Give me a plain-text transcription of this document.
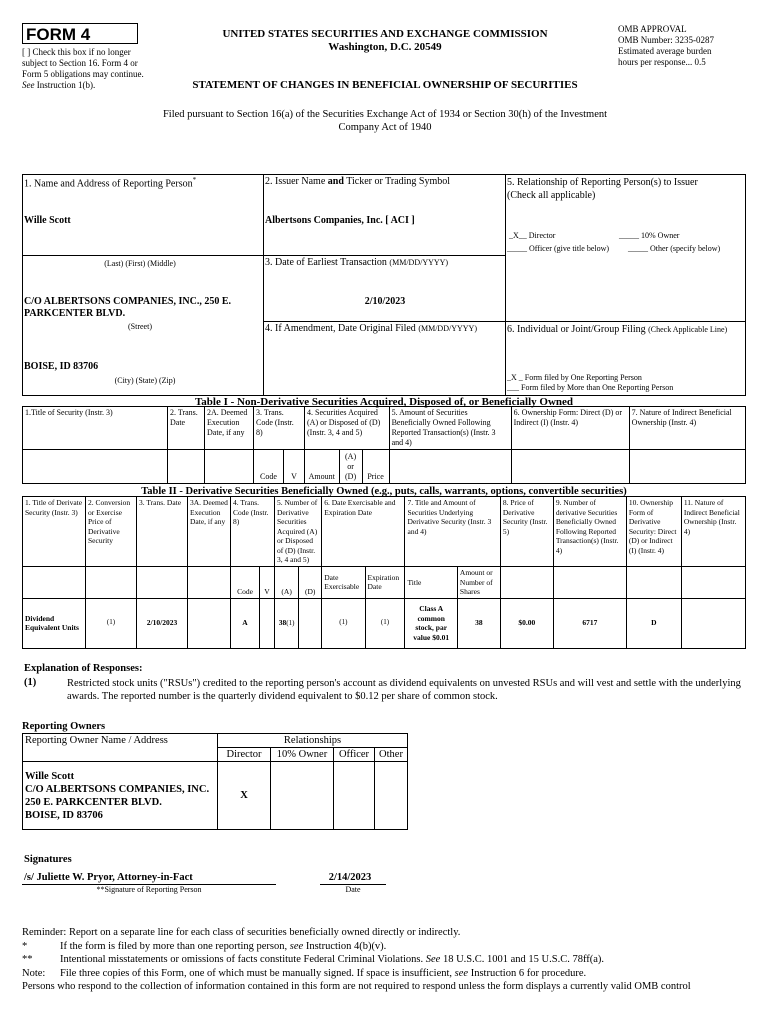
FORM 4
[ ] Check this box if no longer subject to Section 16. Form 4 or Form 5 obligations may continue. See Instruction 1(b).
UNITED STATES SECURITIES AND EXCHANGE COMMISSION
Washington, D.C. 20549
STATEMENT OF CHANGES IN BENEFICIAL OWNERSHIP OF SECURITIES
OMB APPROVAL
OMB Number: 3235-0287
Estimated average burden
hours per response... 0.5
Filed pursuant to Section 16(a) of the Securities Exchange Act of 1934 or Section 30(h) of the Investment Company Act of 1940
1. Name and Address of Reporting Person*
Wille Scott
(Last) (First) (Middle)
C/O ALBERTSONS COMPANIES, INC., 250 E. PARKCENTER BLVD.
(Street)
BOISE, ID 83706
(City) (State) (Zip)
2. Issuer Name and Ticker or Trading Symbol
Albertsons Companies, Inc. [ ACI ]
3. Date of Earliest Transaction (MM/DD/YYYY)
2/10/2023
4. If Amendment, Date Original Filed (MM/DD/YYYY)
5. Relationship of Reporting Person(s) to Issuer
(Check all applicable)
_X__ Director	_____ 10% Owner
_____ Officer (give title below) _____ Other (specify below)
6. Individual or Joint/Group Filing (Check Applicable Line)
_X _ Form filed by One Reporting Person
___ Form filed by More than One Reporting Person
Table I - Non-Derivative Securities Acquired, Disposed of, or Beneficially Owned
1.Title of Security (Instr. 3)	2. Trans. Date	2A. Deemed Execution Date, if any	3. Trans. Code (Instr. 8)		4. Securities Acquired (A) or Disposed of (D) (Instr. 3, 4 and 5)			5. Amount of Securities Beneficially Owned Following Reported Transaction(s) (Instr. 3 and 4)	6. Ownership Form: Direct (D) or Indirect (I) (Instr. 4)	7. Nature of Indirect Beneficial Ownership (Instr. 4)
			Code	V	Amount	(A) or (D)	Price			
Table II - Derivative Securities Beneficially Owned (e.g., puts, calls, warrants, options, convertible securities)
1. Title of Derivate Security (Instr. 3)	2. Conversion or Exercise Price of Derivative Security	3. Trans. Date	3A. Deemed Execution Date, if any	4. Trans. Code (Instr. 8)		5. Number of Derivative Securities Acquired (A) or Disposed of (D) (Instr. 3, 4 and 5)		6. Date Exercisable and Expiration Date		7. Title and Amount of Securities Underlying Derivative Security (Instr. 3 and 4)		8. Price of Derivative Security (Instr. 5)	9. Number of derivative Securities Beneficially Owned Following Reported Transaction(s) (Instr. 4)	10. Ownership Form of Derivative Security: Direct (D) or Indirect (I) (Instr. 4)	11. Nature of Indirect Beneficial Ownership (Instr. 4)
				Code	V	(A)	(D)	Date Exercisable	Expiration Date	Title	Amount or Number of Shares				
Dividend Equivalent Units	(1)	2/10/2023		A		38(1)		(1)	(1)	Class A common stock, par value $0.01	38	$0.00	6717	D	
Explanation of Responses:
(1)	Restricted stock units ("RSUs") credited to the reporting person's account as dividend equivalents on unvested RSUs and will vest and settle with the underlying awards. The reported number is the quarterly dividend equivalent to $0.12 per share of common stock.
Reporting Owners
Reporting Owner Name / Address	Relationships			
	Director	10% Owner	Officer	Other

Wille Scott
C/O ALBERTSONS COMPANIES, INC.
250 E. PARKCENTER BLVD.
BOISE, ID 83706	X			
Signatures
/s/ Juliette W. Pryor, Attorney-in-Fact
**Signature of Reporting Person
2/14/2023
Date
Reminder: Report on a separate line for each class of securities beneficially owned directly or indirectly.
*	If the form is filed by more than one reporting person, see Instruction 4(b)(v).
**	Intentional misstatements or omissions of facts constitute Federal Criminal Violations. See 18 U.S.C. 1001 and 15 U.S.C. 78ff(a).
Note: File three copies of this Form, one of which must be manually signed. If space is insufficient, see Instruction 6 for procedure.
Persons who respond to the collection of information contained in this form are not required to respond unless the form displays a currently valid OMB control
